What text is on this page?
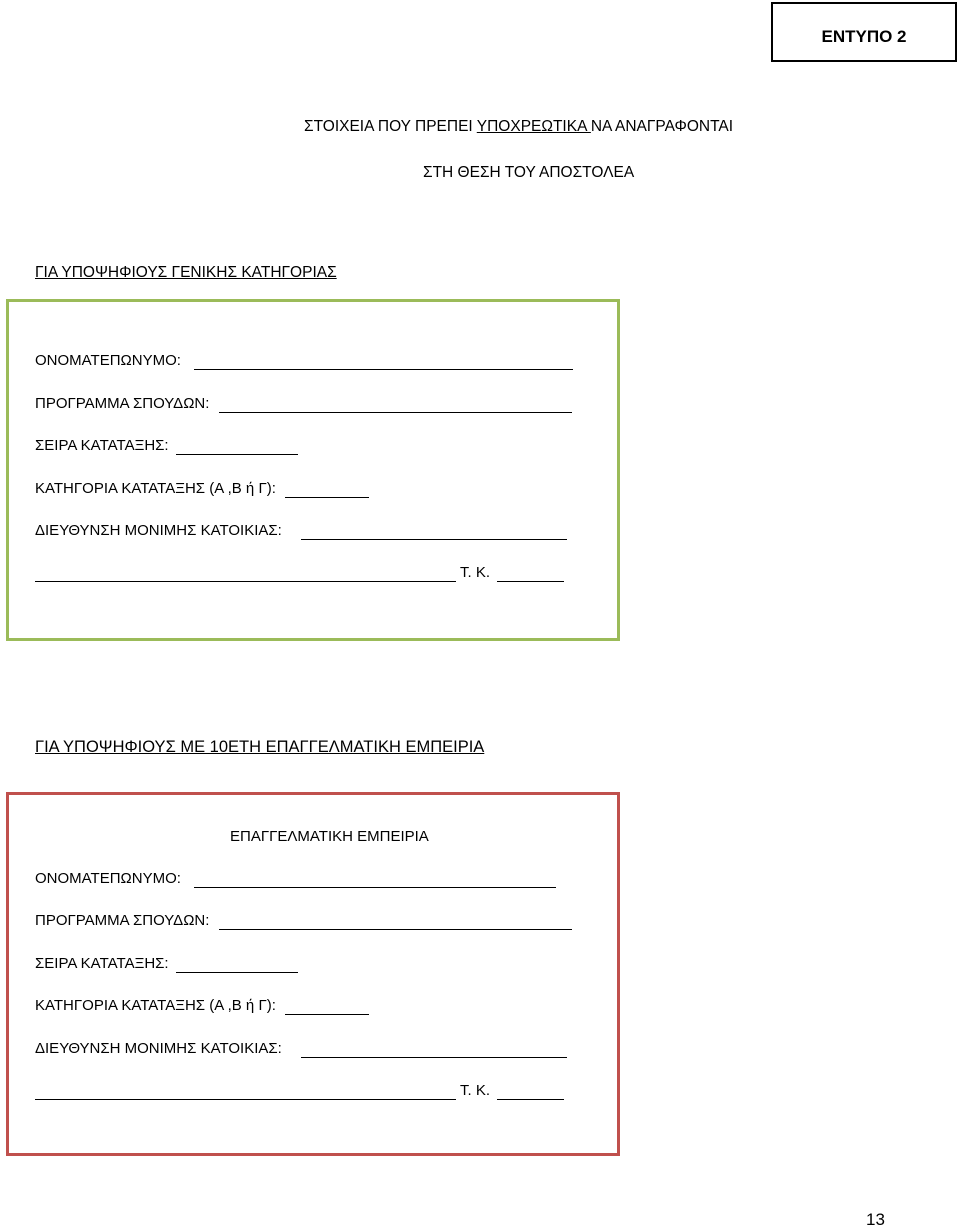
ΕΝΤΥΠΟ 2
ΣΤΟΙΧΕΙΑ ΠΟΥ ΠΡΕΠΕΙ ΥΠΟΧΡΕΩΤΙΚΑ ΝΑ ΑΝΑΓΡΑΦΟΝΤΑΙ
ΣΤΗ ΘΕΣΗ ΤΟΥ ΑΠΟΣΤΟΛΕΑ
ΓΙΑ ΥΠΟΨΗΦΙΟΥΣ ΓΕΝΙΚΗΣ ΚΑΤΗΓΟΡΙΑΣ
ΟΝΟΜΑΤΕΠΩΝΥΜΟ:
ΠΡΟΓΡΑΜΜΑ ΣΠΟΥΔΩΝ:
ΣΕΙΡΑ ΚΑΤΑΤΑΞΗΣ:
ΚΑΤΗΓΟΡΙΑ ΚΑΤΑΤΑΞΗΣ (Α ,Β ή Γ):
ΔΙΕΥΘΥΝΣΗ ΜΟΝΙΜΗΣ ΚΑΤΟΙΚΙΑΣ:
Τ. Κ.
ΓΙΑ ΥΠΟΨΗΦΙΟΥΣ ΜΕ 10ΕΤΗ ΕΠΑΓΓΕΛΜΑΤΙΚΗ ΕΜΠΕΙΡΙΑ
ΕΠΑΓΓΕΛΜΑΤΙΚΗ ΕΜΠΕΙΡΙΑ
ΟΝΟΜΑΤΕΠΩΝΥΜΟ:
ΠΡΟΓΡΑΜΜΑ ΣΠΟΥΔΩΝ:
ΣΕΙΡΑ ΚΑΤΑΤΑΞΗΣ:
ΚΑΤΗΓΟΡΙΑ ΚΑΤΑΤΑΞΗΣ (Α ,Β ή Γ):
ΔΙΕΥΘΥΝΣΗ ΜΟΝΙΜΗΣ ΚΑΤΟΙΚΙΑΣ:
Τ. Κ.
13
